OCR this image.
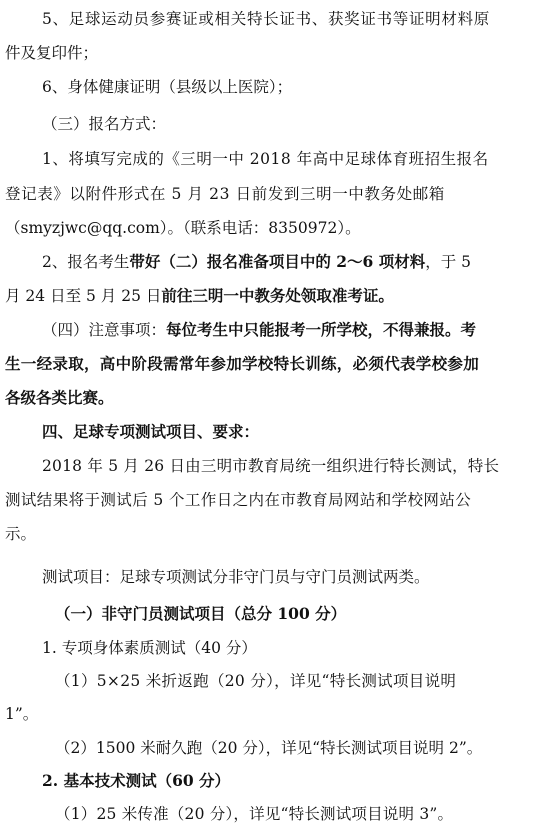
5、足球运动员参赛证或相关特长证书、获奖证书等证明材料原
件及复印件；
6、身体健康证明（县级以上医院）；
（三）报名方式：
1、将填写完成的《三明一中 2018 年高中足球体育班招生报名
登记表》以附件形式在 5 月 23 日前发到三明一中教务处邮箱
（smyzjwc@qq.com）。（联系电话：8350972）。
2、报名考生带好（二）报名准备项目中的 2～6 项材料，于 5
月 24 日至 5 月 25 日前往三明一中教务处领取准考证。
（四）注意事项：每位考生中只能报考一所学校，不得兼报。考
生一经录取，高中阶段需常年参加学校特长训练，必须代表学校参加
各级各类比赛。
四、足球专项测试项目、要求：
2018 年 5 月 26 日由三明市教育局统一组织进行特长测试，特长
测试结果将于测试后 5 个工作日之内在市教育局网站和学校网站公
示。
测试项目：足球专项测试分非守门员与守门员测试两类。
（一）非守门员测试项目（总分 100 分）
1. 专项身体素质测试（40 分）
（1）5×25 米折返跑（20 分），详见“特长测试项目说明
1”。
（2）1500 米耐久跑（20 分），详见“特长测试项目说明 2”。
2. 基本技术测试（60 分）
（1）25 米传准（20 分），详见“特长测试项目说明 3”。
